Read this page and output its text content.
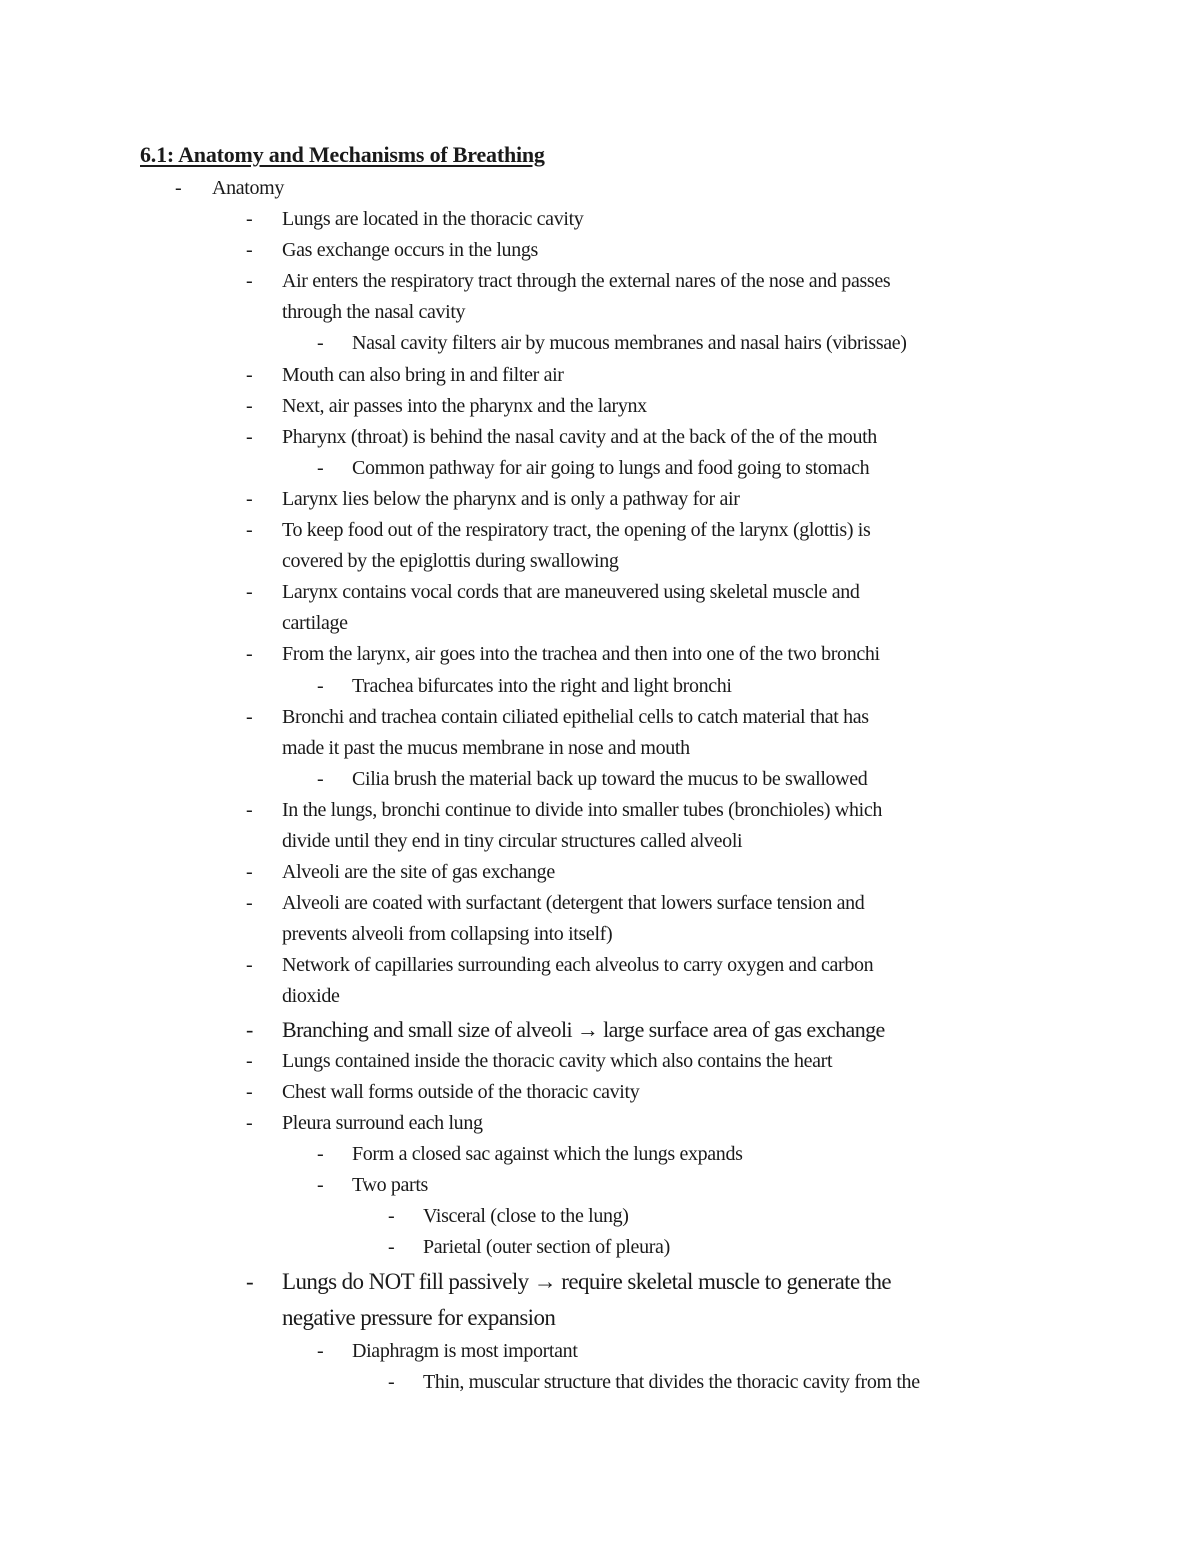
6.1: Anatomy and Mechanisms of Breathing
- Anatomy
- Lungs are located in the thoracic cavity
- Gas exchange occurs in the lungs
- Air enters the respiratory tract through the external nares of the nose and passes
through the nasal cavity
- Nasal cavity filters air by mucous membranes and nasal hairs (vibrissae)
- Mouth can also bring in and filter air
- Next, air passes into the pharynx and the larynx
- Pharynx (throat) is behind the nasal cavity and at the back of the of the mouth
- Common pathway for air going to lungs and food going to stomach
- Larynx lies below the pharynx and is only a pathway for air
- To keep food out of the respiratory tract, the opening of the larynx (glottis) is
covered by the epiglottis during swallowing
- Larynx contains vocal cords that are maneuvered using skeletal muscle and
cartilage
- From the larynx, air goes into the trachea and then into one of the two bronchi
- Trachea bifurcates into the right and light bronchi
- Bronchi and trachea contain ciliated epithelial cells to catch material that has
made it past the mucus membrane in nose and mouth
- Cilia brush the material back up toward the mucus to be swallowed
- In the lungs, bronchi continue to divide into smaller tubes (bronchioles) which
divide until they end in tiny circular structures called alveoli
- Alveoli are the site of gas exchange
- Alveoli are coated with surfactant (detergent that lowers surface tension and
prevents alveoli from collapsing into itself)
- Network of capillaries surrounding each alveolus to carry oxygen and carbon
dioxide
- Branching and small size of alveoli → large surface area of gas exchange
- Lungs contained inside the thoracic cavity which also contains the heart
- Chest wall forms outside of the thoracic cavity
- Pleura surround each lung
- Form a closed sac against which the lungs expands
- Two parts
- Visceral (close to the lung)
- Parietal (outer section of pleura)
- Lungs do NOT fill passively → require skeletal muscle to generate the
negative pressure for expansion
- Diaphragm is most important
- Thin, muscular structure that divides the thoracic cavity from the
